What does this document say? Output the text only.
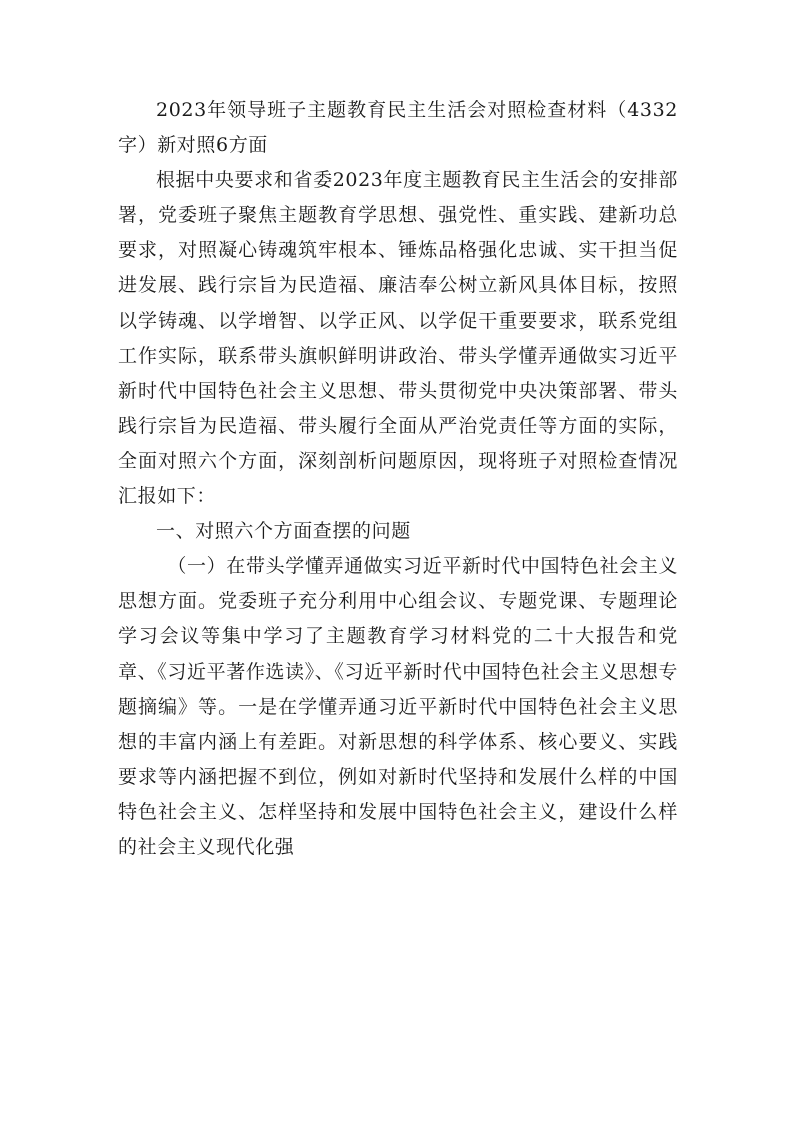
2023年领导班子主题教育民主生活会对照检查材料（4332字）新对照6方面

根据中央要求和省委2023年度主题教育民主生活会的安排部署，党委班子聚焦主题教育学思想、强党性、重实践、建新功总要求，对照凝心铸魂筑牢根本、锤炼品格强化忠诚、实干担当促进发展、践行宗旨为民造福、廉洁奉公树立新风具体目标，按照以学铸魂、以学增智、以学正风、以学促干重要要求，联系党组工作实际，联系带头旗帜鲜明讲政治、带头学懂弄通做实习近平新时代中国特色社会主义思想、带头贯彻党中央决策部署、带头践行宗旨为民造福、带头履行全面从严治党责任等方面的实际，全面对照六个方面，深刻剖析问题原因，现将班子对照检查情况汇报如下：

一、对照六个方面查摆的问题

（一）在带头学懂弄通做实习近平新时代中国特色社会主义思想方面。党委班子充分利用中心组会议、专题党课、专题理论学习会议等集中学习了主题教育学习材料党的二十大报告和党章、《习近平著作选读》、《习近平新时代中国特色社会主义思想专题摘编》等。一是在学懂弄通习近平新时代中国特色社会主义思想的丰富内涵上有差距。对新思想的科学体系、核心要义、实践要求等内涵把握不到位，例如对新时代坚持和发展什么样的中国特色社会主义、怎样坚持和发展中国特色社会主义，建设什么样的社会主义现代化强
